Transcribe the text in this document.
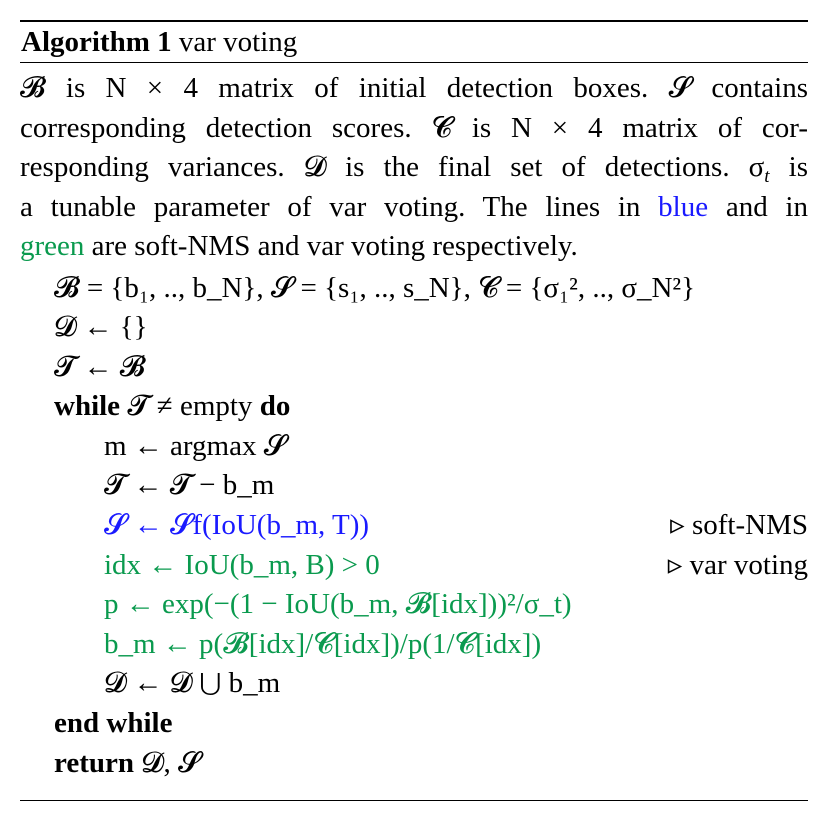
Algorithm 1 var voting
𝓑 is N × 4 matrix of initial detection boxes. 𝓢 contains
corresponding detection scores. 𝓒 is N × 4 matrix of cor-
responding variances. 𝓓 is the final set of detections. $\sigma_t$ is
a tunable parameter of var voting. The lines in blue and in
green are soft-NMS and var voting respectively.
𝓑 = {b₁, .., b_N}, 𝓢 = {s₁, .., s_N}, 𝓒 = {σ₁², .., σ_N²}
𝓓 ← {}
𝓣 ← 𝓑
while 𝓣 ≠ empty do
m ← argmax 𝓢
𝓣 ← 𝓣 − b_m
𝓢 ← 𝓢f(IoU(b_m, T))	▹ soft-NMS
idx ← IoU(b_m, B) > 0	▹ var voting
p ← exp(−(1 − IoU(b_m, 𝓑[idx]))²/σ_t)
b_m ← p(𝓑[idx]/𝓒[idx])/p(1/𝓒[idx])
𝓓 ← 𝓓 ⋃ b_m
end while
return 𝓓, 𝓢
